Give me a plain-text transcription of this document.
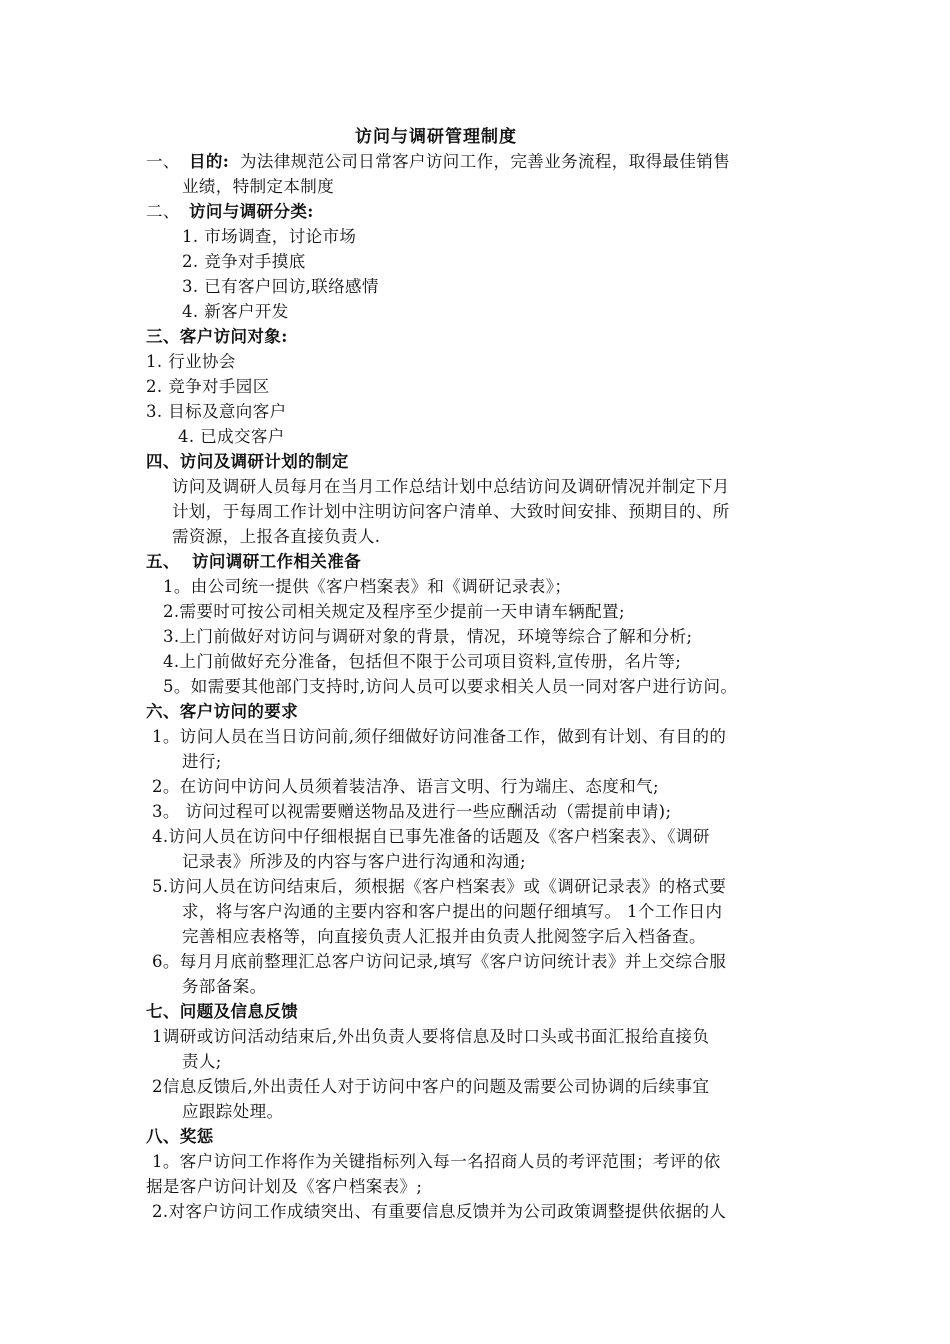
访问与调研管理制度
一、 目的: 为法律规范公司日常客户访问工作，完善业务流程，取得最佳销售
业绩，特制定本制度
二、 访问与调研分类:
1. 市场调查，讨论市场
2. 竞争对手摸底
3. 已有客户回访,联络感情
4. 新客户开发
三、客户访问对象:
1. 行业协会
2. 竞争对手园区
3. 目标及意向客户
4. 已成交客户
四、访问及调研计划的制定
访问及调研人员每月在当月工作总结计划中总结访问及调研情况并制定下月
计划，于每周工作计划中注明访问客户清单、大致时间安排、预期目的、所
需资源，上报各直接负责人.
五、 访问调研工作相关准备
1。由公司统一提供《客户档案表》和《调研记录表》；
2.需要时可按公司相关规定及程序至少提前一天申请车辆配置;
3.上门前做好对访问与调研对象的背景，情况，环境等综合了解和分析;
4.上门前做好充分准备，包括但不限于公司项目资料,宣传册，名片等;
5。如需要其他部门支持时,访问人员可以要求相关人员一同对客户进行访问。
六、客户访问的要求
1。访问人员在当日访问前,须仔细做好访问准备工作，做到有计划、有目的的
进行;
2。在访问中访问人员须着装洁净、语言文明、行为端庄、态度和气;
3。 访问过程可以视需要赠送物品及进行一些应酬活动（需提前申请);
4.访问人员在访问中仔细根据自已事先准备的话题及《客户档案表》、《调研
记录表》所涉及的内容与客户进行沟通和沟通;
5.访问人员在访问结束后，须根据《客户档案表》或《调研记录表》的格式要
求，将与客户沟通的主要内容和客户提出的问题仔细填写。 1个工作日内
完善相应表格等，向直接负责人汇报并由负责人批阅签字后入档备查。
6。每月月底前整理汇总客户访问记录,填写《客户访问统计表》并上交综合服
务部备案。
七、问题及信息反馈
1调研或访问活动结束后,外出负责人要将信息及时口头或书面汇报给直接负
责人;
2信息反馈后,外出责任人对于访问中客户的问题及需要公司协调的后续事宜
应跟踪处理。
八、奖惩
1。客户访问工作将作为关键指标列入每一名招商人员的考评范围；考评的依
据是客户访问计划及《客户档案表》;
2.对客户访问工作成绩突出、有重要信息反馈并为公司政策调整提供依据的人
